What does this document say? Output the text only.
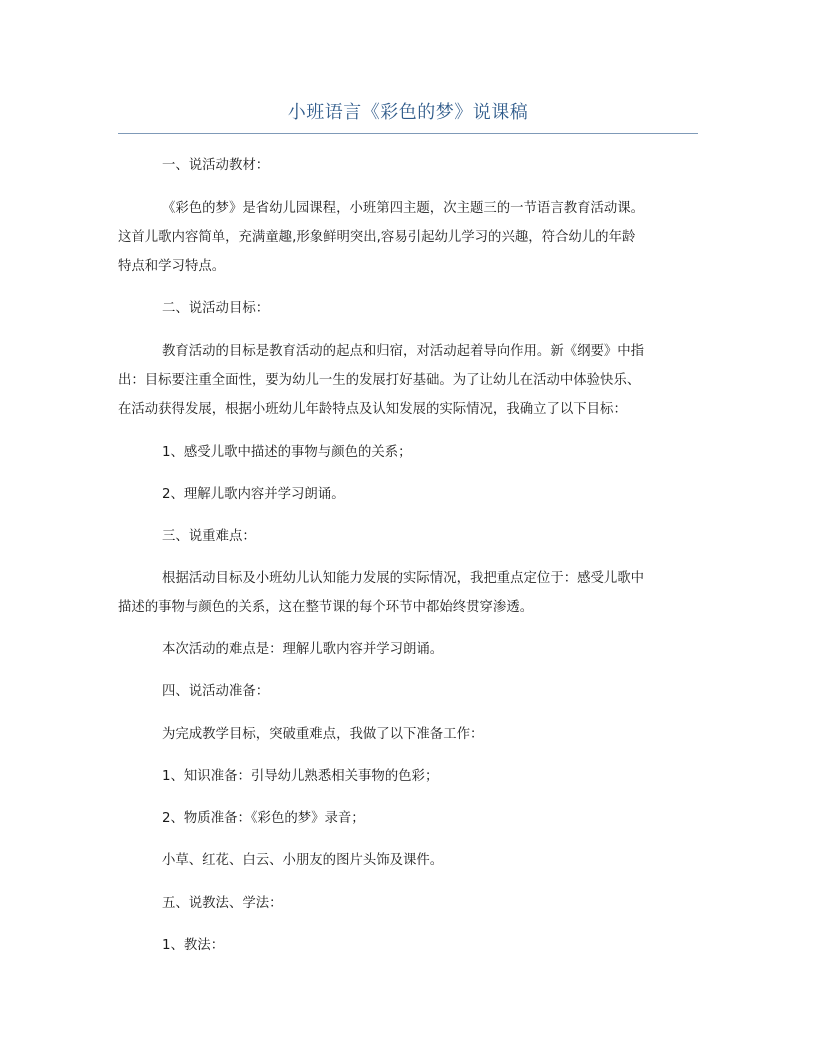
小班语言《彩色的梦》说课稿
一、说活动教材：
《彩色的梦》是省幼儿园课程，小班第四主题，次主题三的一节语言教育活动课。
这首儿歌内容简单，充满童趣,形象鲜明突出,容易引起幼儿学习的兴趣，符合幼儿的年龄
特点和学习特点。
二、说活动目标：
教育活动的目标是教育活动的起点和归宿，对活动起着导向作用。新《纲要》中指
出：目标要注重全面性，要为幼儿一生的发展打好基础。为了让幼儿在活动中体验快乐、
在活动获得发展，根据小班幼儿年龄特点及认知发展的实际情况，我确立了以下目标：
1、感受儿歌中描述的事物与颜色的关系；
2、理解儿歌内容并学习朗诵。
三、说重难点：
根据活动目标及小班幼儿认知能力发展的实际情况，我把重点定位于：感受儿歌中
描述的事物与颜色的关系，这在整节课的每个环节中都始终贯穿渗透。
本次活动的难点是：理解儿歌内容并学习朗诵。
四、说活动准备：
为完成教学目标，突破重难点，我做了以下准备工作：
1、知识准备：引导幼儿熟悉相关事物的色彩；
2、物质准备：《彩色的梦》录音；
小草、红花、白云、小朋友的图片头饰及课件。
五、说教法、学法：
1、教法：
